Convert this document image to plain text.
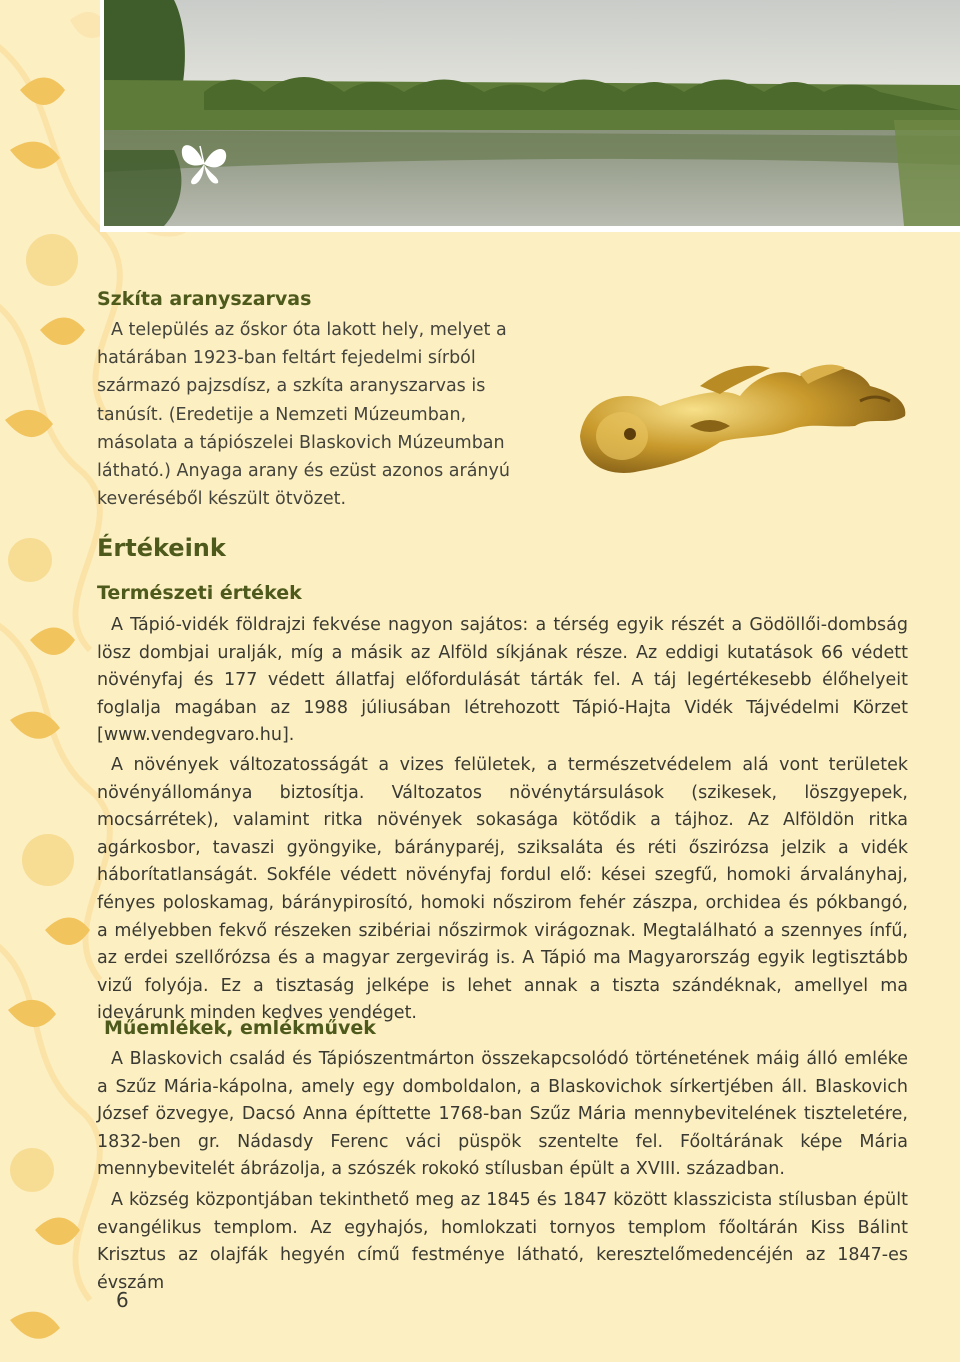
Szkíta aranyszarvas

A település az őskor óta lakott hely, melyet a határában 1923-ban feltárt fejedelmi sírból származó pajzsdísz, a szkíta aranyszarvas is tanúsít. (Eredetije a Nemzeti Múzeumban, másolata a tápiószelei Blaskovich Múzeumban látható.) Anyaga arany és ezüst azonos arányú keveréséből készült ötvözet.

Értékeink
Természeti értékek

A Tápió-vidék földrajzi fekvése nagyon sajátos: a térség egyik részét a Gödöllői-dombság lösz dombjai uralják, míg a másik az Alföld síkjának része. Az eddigi kutatások 66 védett növényfaj és 177 védett állatfaj előfordulását tárták fel. A táj legértékesebb élőhelyeit foglalja magában az 1988 júliusában létrehozott Tápió-Hajta Vidék Tájvédelmi Körzet [www.vendegvaro.hu].

A növények változatosságát a vizes felületek, a természetvédelem alá vont területek növényállománya biztosítja. Változatos növénytársulások (szikesek, löszgyepek, mocsárrétek), valamint ritka növények sokasága kötődik a tájhoz. Az Alföldön ritka agárkosbor, tavaszi gyöngyike, bárányparéj, sziksaláta és réti őszirózsa jelzik a vidék háborítatlanságát. Sokféle védett növényfaj fordul elő: kései szegfű, homoki árvalányhaj, fényes poloskamag, báránypirosító, homoki nőszirom fehér zászpa, orchidea és pókbangó, a mélyebben fekvő részeken szibériai nőszirmok virágoznak. Megtalálható a szennyes ínfű, az erdei szellőrózsa és a magyar zergevirág is. A Tápió ma Magyarország egyik legtisztább vizű folyója. Ez a tisztaság jelképe is lehet annak a tiszta szándéknak, amellyel ma idevárunk minden kedves vendéget.

Műemlékek, emlékművek

A Blaskovich család és Tápiószentmárton összekapcsolódó történetének máig álló emléke a Szűz Mária-kápolna, amely egy domboldalon, a Blaskovichok sírkertjében áll. Blaskovich József özvegye, Dacsó Anna építtette 1768-ban Szűz Mária mennybevitelének tiszteletére, 1832-ben gr. Nádasdy Ferenc váci püspök szentelte fel. Főoltárának képe Mária mennybevitelét ábrázolja, a szószék rokokó stílusban épült a XVIII. században.

A község központjában tekinthető meg az 1845 és 1847 között klasszicista stílusban épült evangélikus templom. Az egyhajós, homlokzati tornyos templom főoltárán Kiss Bálint Krisztus az olajfák hegyén című festménye látható, keresztelőmedencéjén az 1847-es évszám

6
